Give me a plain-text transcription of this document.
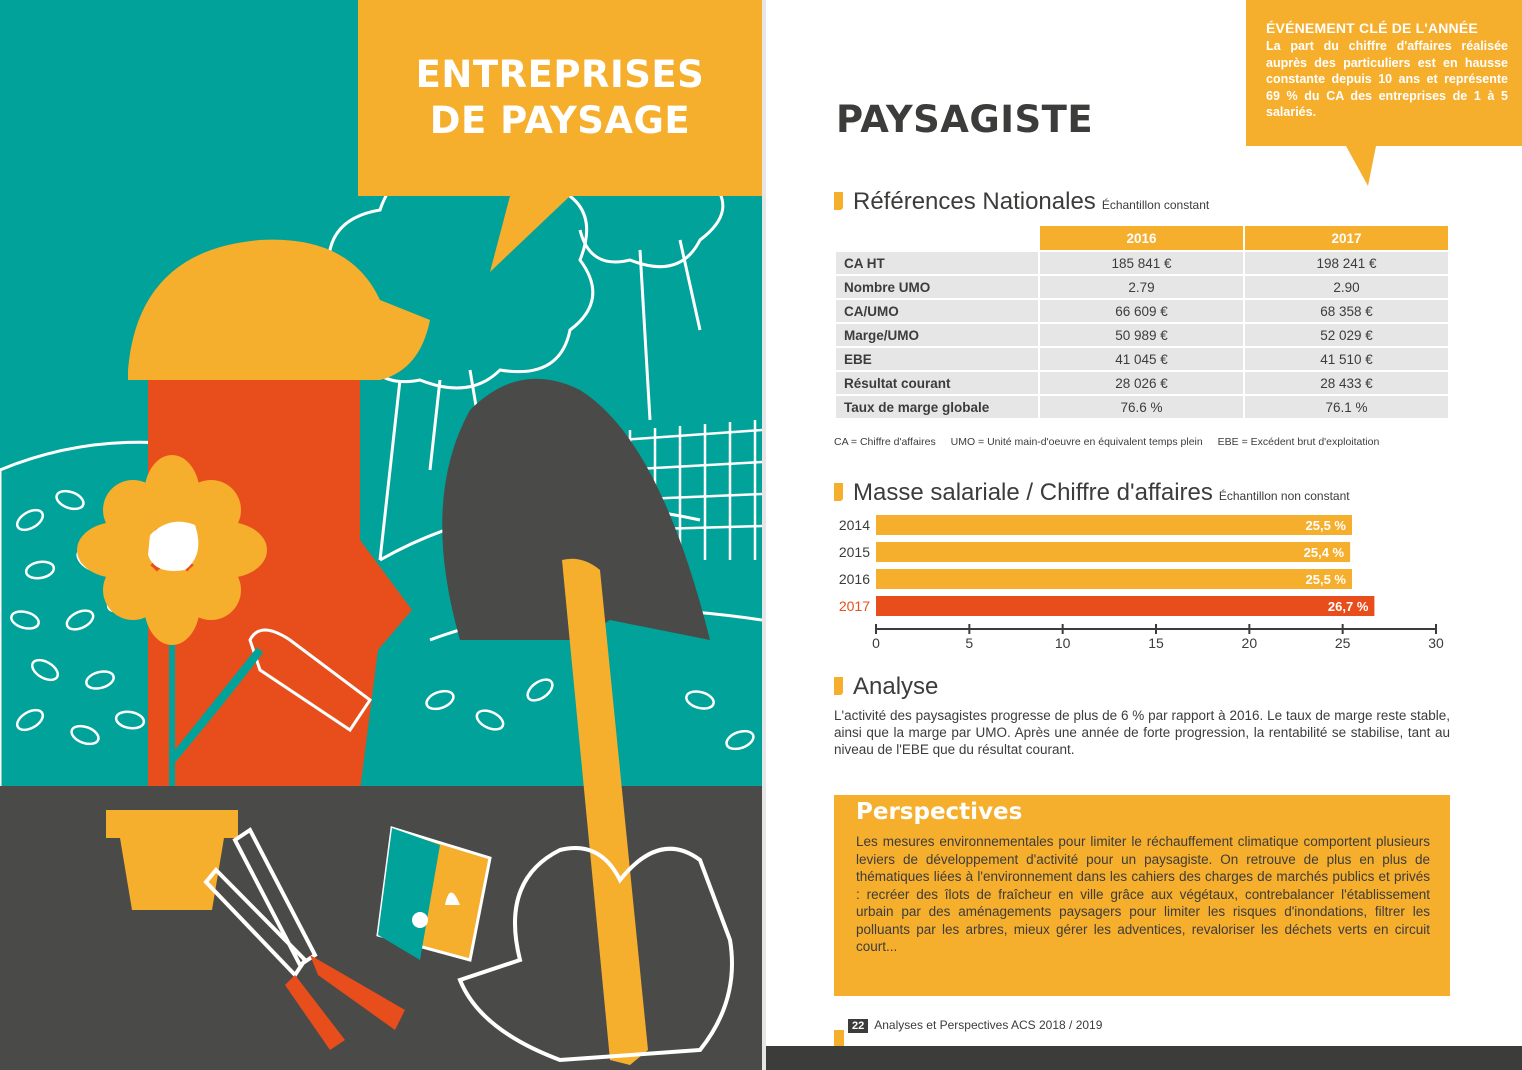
ENTREPRISES
DE PAYSAGE
ÉVÉNEMENT CLÉ DE L'ANNÉE
La part du chiffre d'affaires réalisée auprès des particuliers est en hausse constante depuis 10 ans et représente 69 % du CA des entreprises de 1 à 5 salariés.
PAYSAGISTE
Références Nationales Échantillon constant
	2016	2017
CA HT	185 841 €	198 241 €
Nombre UMO	2.79	2.90
CA/UMO	66 609 €	68 358 €
Marge/UMO	50 989 €	52 029 €
EBE	41 045 €	41 510 €
Résultat courant	28 026 €	28 433 €
Taux de marge globale	76.6 %	76.1 %
CA = Chiffre d'affaires UMO = Unité main-d'oeuvre en équivalent temps plein EBE = Excédent brut d'exploitation
Masse salariale / Chiffre d'affaires Échantillon non constant
2014	25,5 %
2015	25,4 %
2016	25,5 %
2017	26,7 %
0	5	10	15	20	25	30
Analyse
L'activité des paysagistes progresse de plus de 6 % par rapport à 2016. Le taux de marge reste stable, ainsi que la marge par UMO. Après une année de forte progression, la rentabilité se stabilise, tant au niveau de l'EBE que du résultat courant.
Perspectives
Les mesures environnementales pour limiter le réchauffement climatique comportent plusieurs leviers de développement d'activité pour un paysagiste. On retrouve de plus en plus de thématiques liées à l'environnement dans les cahiers des charges de marchés publics et privés : recréer des îlots de fraîcheur en ville grâce aux végétaux, contrebalancer l'établissement urbain par des aménagements paysagers pour limiter les risques d'inondations, filtrer les polluants par les arbres, mieux gérer les adventices, revaloriser les déchets verts en circuit court...
22 Analyses et Perspectives ACS 2018 / 2019
